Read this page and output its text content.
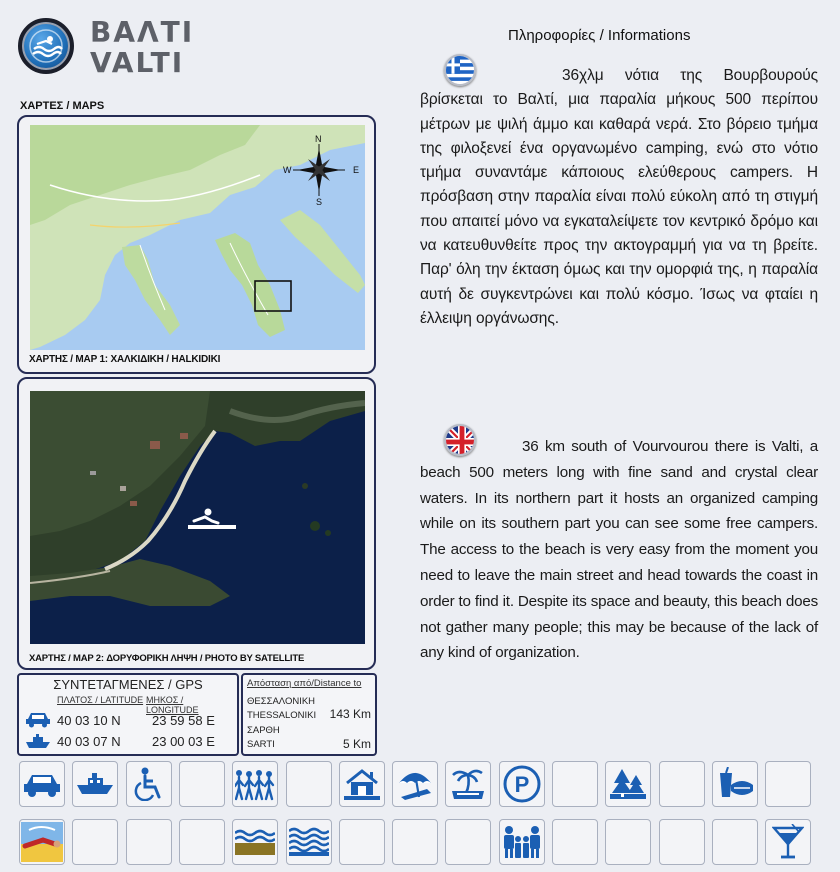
ΒΑΛΤΙ
VALTI
ΧΑΡΤΕΣ / MAPS
N
S
E
W
ΧΑΡΤΗΣ / MAP 1: ΧΑΛΚΙΔΙΚΗ / HALKIDIKI
ΧΑΡΤΗΣ / MAP 2: ΔΟΡΥΦΟΡΙΚΗ ΛΗΨΗ / PHOTO BY SATELLITE
ΣΥΝΤΕΤΑΓΜΕΝΕΣ / GPS
ΠΛΑΤΟΣ / LATITUDE ΜΗΚΟΣ / LONGITUDE
40 03 10 N 23 59 58 E
40 03 07 N 23 00 03 E
Απόσταση από/Distance to
ΘΕΣΣΑΛΟΝΙΚΗ
THESSALONIKI 143 Km
ΣΑΡΘΗ
SARTI	5 Km
Πληροφορίες / Informations
36χλμ νότια της Βουρβουρούς βρίσκεται το Βαλτί, μια παραλία μήκους 500 περίπου μέτρων με ψιλή άμμο και καθαρά νερά. Στο βόρειο τμήμα της φιλοξενεί ένα οργανωμένο camping, ενώ στο νότιο τμήμα συναντάμε κάποιους ελεύθερους campers. Η πρόσβαση στην παραλία είναι πολύ εύκολη από τη στιγμή που απαιτεί μόνο να εγκαταλείψετε τον κεντρικό δρόμο και να κατευθυνθείτε προς την ακτογραμμή για να τη βρείτε. Παρ' όλη την έκταση όμως και την ομορφιά της, η παραλία αυτή δε συγκεντρώνει και πολύ κόσμο. Ίσως να φταίει η έλλειψη οργάνωσης.
36 km south of Vourvourou there is Valti, a beach 500 meters long with fine sand and crystal clear waters. In its northern part it hosts an organized camping while on its southern part you can see some free campers. The access to the beach is very easy from the moment you need to leave the main street and head towards the coast in order to find it. Despite its space and beauty, this beach does not gather many people; this may be because of the lack of any kind of organization.
P
